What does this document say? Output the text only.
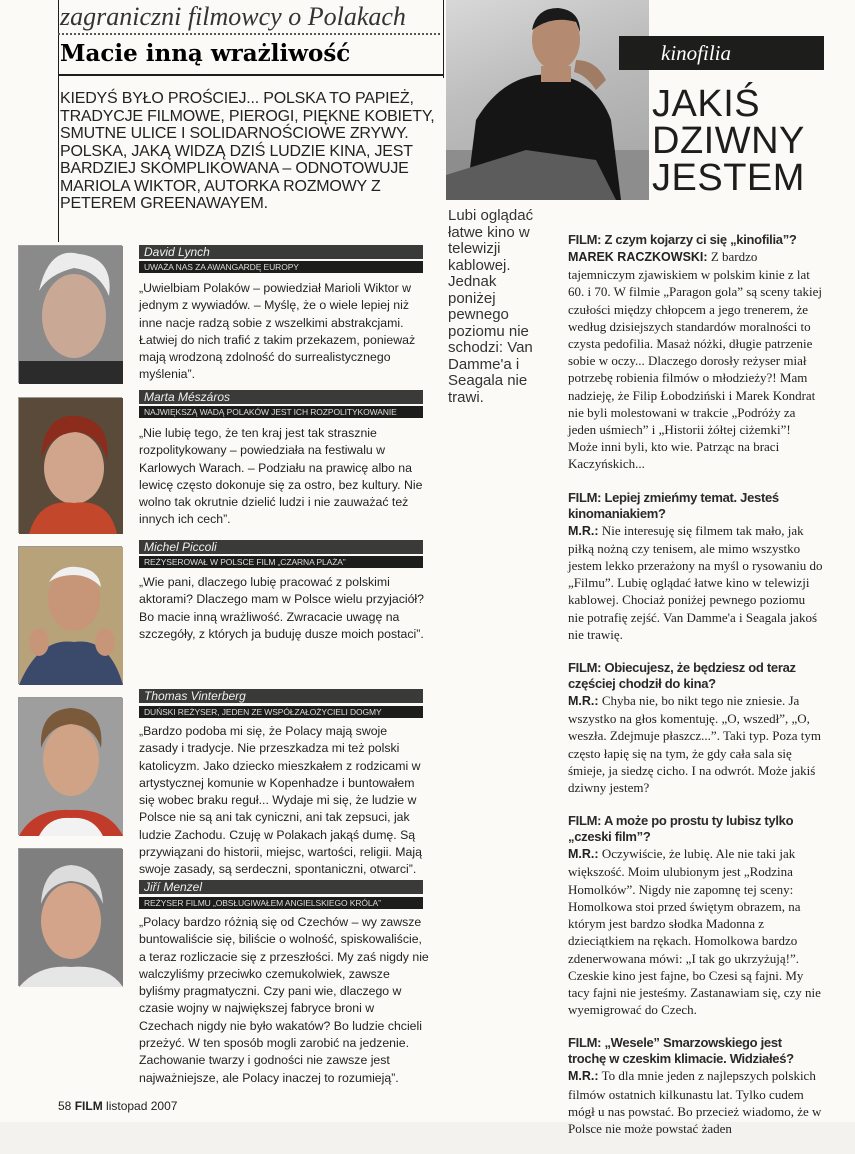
zagraniczni filmowcy o Polakach
Macie inną wrażliwość

KIEDYŚ BYŁO PROŚCIEJ... POLSKA TO PAPIEŻ, TRADYCJE FILMOWE, PIEROGI, PIĘKNE KOBIETY, SMUTNE ULICE I SOLIDARNOŚCIOWE ZRYWY. POLSKA, JAKĄ WIDZĄ DZIŚ LUDZIE KINA, JEST BARDZIEJ SKOMPLIKOWANA – ODNOTOWUJE MARIOLA WIKTOR, AUTORKA ROZMOWY Z PETEREM GREENAWAYEM.

kinofilia
JAKIŚ
DZIWNY
JESTEM

Lubi oglądać łatwe kino w telewizji kablowej. Jednak poniżej pewnego poziomu nie schodzi: Van Damme'a i Seagala nie trawi.

David Lynch
UWAŻA NAS ZA AWANGARDĘ EUROPY

„Uwielbiam Polaków – powiedział Marioli Wiktor w jednym z wywiadów. – Myślę, że o wiele lepiej niż inne nacje radzą sobie z wszelkimi abstrakcjami. Łatwiej do nich trafić z takim przekazem, ponieważ mają wrodzoną zdolność do surrealistycznego myślenia”.

Marta Mészáros
NAJWIĘKSZĄ WADĄ POLAKÓW JEST ICH ROZPOLITYKOWANIE

„Nie lubię tego, że ten kraj jest tak strasznie rozpolitykowany – powiedziała na festiwalu w Karlowych Warach. – Podziału na prawicę albo na lewicę często dokonuje się za ostro, bez kultury. Nie wolno tak okrutnie dzielić ludzi i nie zauważać też innych ich cech”.

Michel Piccoli
REŻYSEROWAŁ W POLSCE FILM „CZARNA PLAŻA”

„Wie pani, dlaczego lubię pracować z polskimi aktorami? Dlaczego mam w Polsce wielu przyjaciół? Bo macie inną wrażliwość. Zwracacie uwagę na szczegóły, z których ja buduję dusze moich postaci”.

Thomas Vinterberg
DUŃSKI REŻYSER, JEDEN ZE WSPÓŁZAŁOŻYCIELI DOGMY

„Bardzo podoba mi się, że Polacy mają swoje zasady i tradycje. Nie przeszkadza mi też polski katolicyzm. Jako dziecko mieszkałem z rodzicami w artystycznej komunie w Kopenhadze i buntowałem się wobec braku reguł... Wydaje mi się, że ludzie w Polsce nie są ani tak cyniczni, ani tak zepsuci, jak ludzie Zachodu. Czuję w Polakach jakąś dumę. Są przywiązani do historii, miejsc, wartości, religii. Mają swoje zasady, są serdeczni, spontaniczni, otwarci”.

Jiří Menzel
REŻYSER FILMU „OBSŁUGIWAŁEM ANGIELSKIEGO KRÓLA”

„Polacy bardzo różnią się od Czechów – wy zawsze buntowaliście się, biliście o wolność, spiskowaliście, a teraz rozliczacie się z przeszłości. My zaś nigdy nie walczyliśmy przeciwko czemukolwiek, zawsze byliśmy pragmatyczni. Czy pani wie, dlaczego w czasie wojny w największej fabryce broni w Czechach nigdy nie było wakatów? Bo ludzie chcieli przeżyć. W ten sposób mogli zarobić na jedzenie. Zachowanie twarzy i godności nie zawsze jest najważniejsze, ale Polacy inaczej to rozumieją”.

FILM: Z czym kojarzy ci się „kinofilia”?

MAREK RACZKOWSKI: Z bardzo tajemniczym zjawiskiem w polskim kinie z lat 60. i 70. W filmie „Paragon gola” są sceny takiej czułości między chłopcem a jego trenerem, że według dzisiejszych standardów moralności to czysta pedofilia. Masaż nóżki, długie patrzenie sobie w oczy... Dlaczego dorosły reżyser miał potrzebę robienia filmów o młodzieży?! Mam nadzieję, że Filip Łobodziński i Marek Kondrat nie byli molestowani w trakcie „Podróży za jeden uśmiech” i „Historii żółtej ciżemki”! Może inni byli, kto wie. Patrząc na braci Kaczyńskich...

FILM: Lepiej zmieńmy temat. Jesteś kinomaniakiem?

M.R.: Nie interesuję się filmem tak mało, jak piłką nożną czy tenisem, ale mimo wszystko jestem lekko przerażony na myśl o rysowaniu do „Filmu”. Lubię oglądać łatwe kino w telewizji kablowej. Chociaż poniżej pewnego poziomu nie potrafię zejść. Van Damme'a i Seagala jakoś nie trawię.

FILM: Obiecujesz, że będziesz od teraz częściej chodził do kina?

M.R.: Chyba nie, bo nikt tego nie zniesie. Ja wszystko na głos komentuję. „O, wszedł”, „O, weszła. Zdejmuje płaszcz...”. Taki typ. Poza tym często łapię się na tym, że gdy cała sala się śmieje, ja siedzę cicho. I na odwrót. Może jakiś dziwny jestem?

FILM: A może po prostu ty lubisz tylko „czeski film”?

M.R.: Oczywiście, że lubię. Ale nie taki jak większość. Moim ulubionym jest „Rodzina Homolków”. Nigdy nie zapomnę tej sceny: Homolkowa stoi przed świętym obrazem, na którym jest bardzo słodka Madonna z dzieciątkiem na rękach. Homolkowa bardzo zdenerwowana mówi: „I tak go ukrzyżują!”. Czeskie kino jest fajne, bo Czesi są fajni. My tacy fajni nie jesteśmy. Zastanawiam się, czy nie wyemigrować do Czech.

FILM: „Wesele” Smarzowskiego jest trochę w czeskim klimacie. Widziałeś?

M.R.: To dla mnie jeden z najlepszych polskich filmów ostatnich kilkunastu lat. Tylko cudem mógł u nas powstać. Bo przecież wiadomo, że w Polsce nie może powstać żaden

58 FILM listopad 2007
